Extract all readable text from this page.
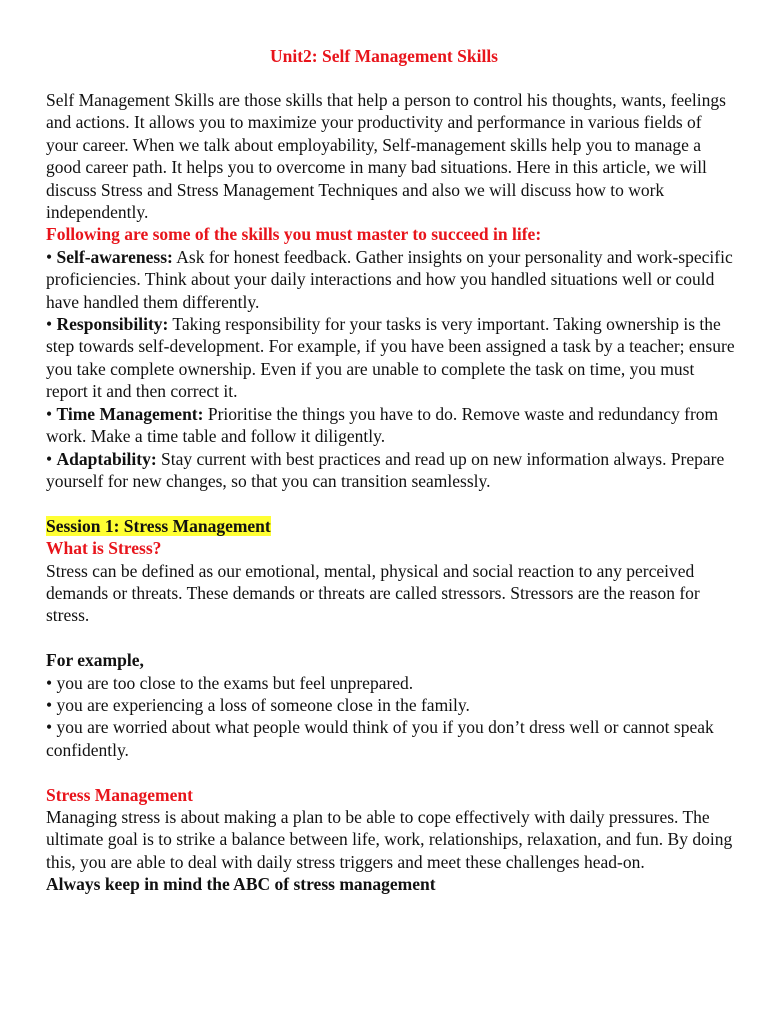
Unit2: Self Management Skills

Self Management Skills are those skills that help a person to control his thoughts, wants, feelings and actions. It allows you to maximize your productivity and performance in various fields of your career. When we talk about employability, Self-management skills help you to manage a good career path. It helps you to overcome in many bad situations. Here in this article, we will discuss Stress and Stress Management Techniques and also we will discuss how to work independently.

Following are some of the skills you must master to succeed in life:

• Self-awareness: Ask for honest feedback. Gather insights on your personality and work-specific proficiencies. Think about your daily interactions and how you handled situations well or could have handled them differently.

• Responsibility: Taking responsibility for your tasks is very important. Taking ownership is the step towards self-development. For example, if you have been assigned a task by a teacher; ensure you take complete ownership. Even if you are unable to complete the task on time, you must report it and then correct it.

• Time Management: Prioritise the things you have to do. Remove waste and redundancy from work. Make a time table and follow it diligently.

• Adaptability: Stay current with best practices and read up on new information always. Prepare yourself for new changes, so that you can transition seamlessly.

Session 1: Stress Management

What is Stress?

Stress can be defined as our emotional, mental, physical and social reaction to any perceived demands or threats. These demands or threats are called stressors. Stressors are the reason for stress.

For example,

• you are too close to the exams but feel unprepared.

• you are experiencing a loss of someone close in the family.

• you are worried about what people would think of you if you don’t dress well or cannot speak confidently.

Stress Management

Managing stress is about making a plan to be able to cope effectively with daily pressures. The ultimate goal is to strike a balance between life, work, relationships, relaxation, and fun. By doing this, you are able to deal with daily stress triggers and meet these challenges head-on.

Always keep in mind the ABC of stress management
